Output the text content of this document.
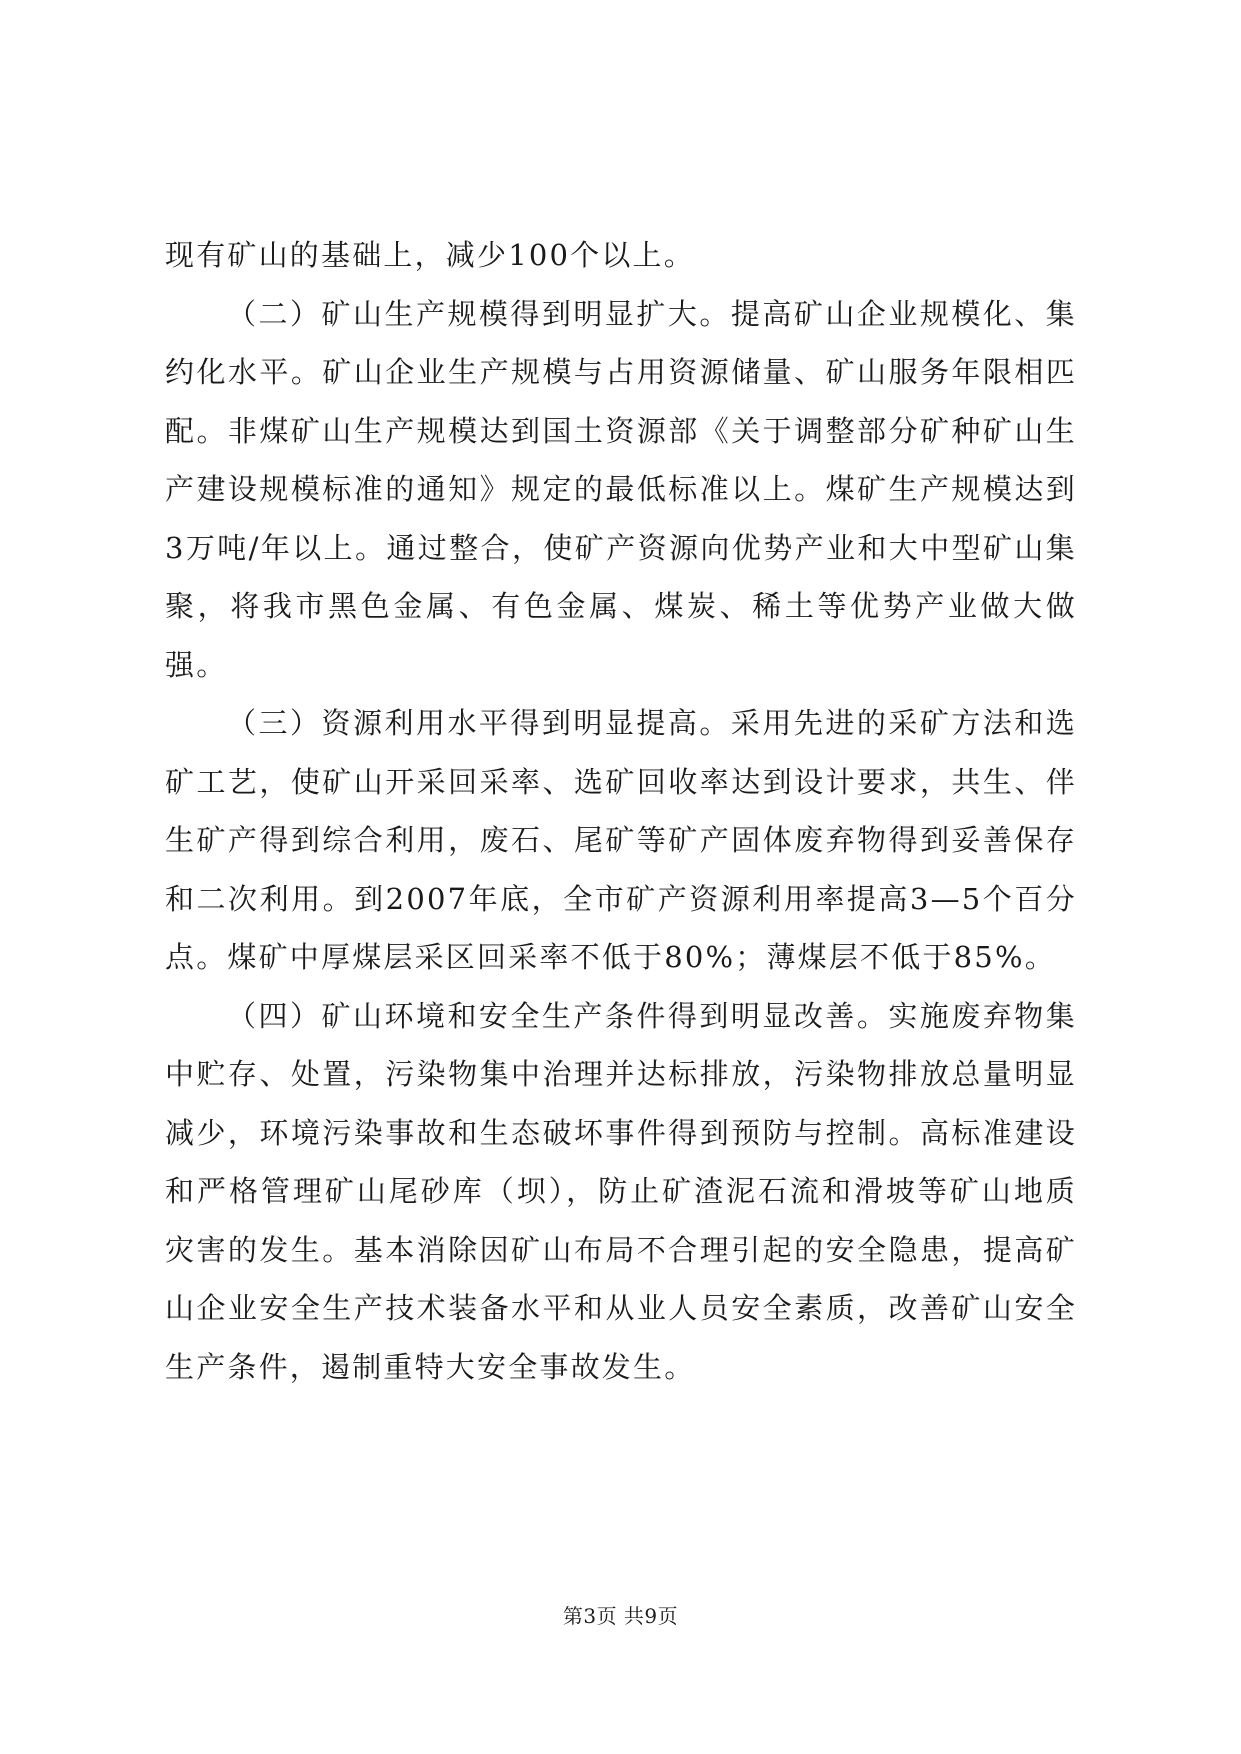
现有矿山的基础上，减少100个以上。

（二）矿山生产规模得到明显扩大。提高矿山企业规模化、集约化水平。矿山企业生产规模与占用资源储量、矿山服务年限相匹配。非煤矿山生产规模达到国土资源部《关于调整部分矿种矿山生产建设规模标准的通知》规定的最低标准以上。煤矿生产规模达到3万吨/年以上。通过整合，使矿产资源向优势产业和大中型矿山集聚，将我市黑色金属、有色金属、煤炭、稀土等优势产业做大做强。

（三）资源利用水平得到明显提高。采用先进的采矿方法和选矿工艺，使矿山开采回采率、选矿回收率达到设计要求，共生、伴生矿产得到综合利用，废石、尾矿等矿产固体废弃物得到妥善保存和二次利用。到2007年底，全市矿产资源利用率提高3—5个百分点。煤矿中厚煤层采区回采率不低于80%；薄煤层不低于85%。

（四）矿山环境和安全生产条件得到明显改善。实施废弃物集中贮存、处置，污染物集中治理并达标排放，污染物排放总量明显减少，环境污染事故和生态破坏事件得到预防与控制。高标准建设和严格管理矿山尾砂库（坝），防止矿渣泥石流和滑坡等矿山地质灾害的发生。基本消除因矿山布局不合理引起的安全隐患，提高矿山企业安全生产技术装备水平和从业人员安全素质，改善矿山安全生产条件，遏制重特大安全事故发生。

第3页 共9页
